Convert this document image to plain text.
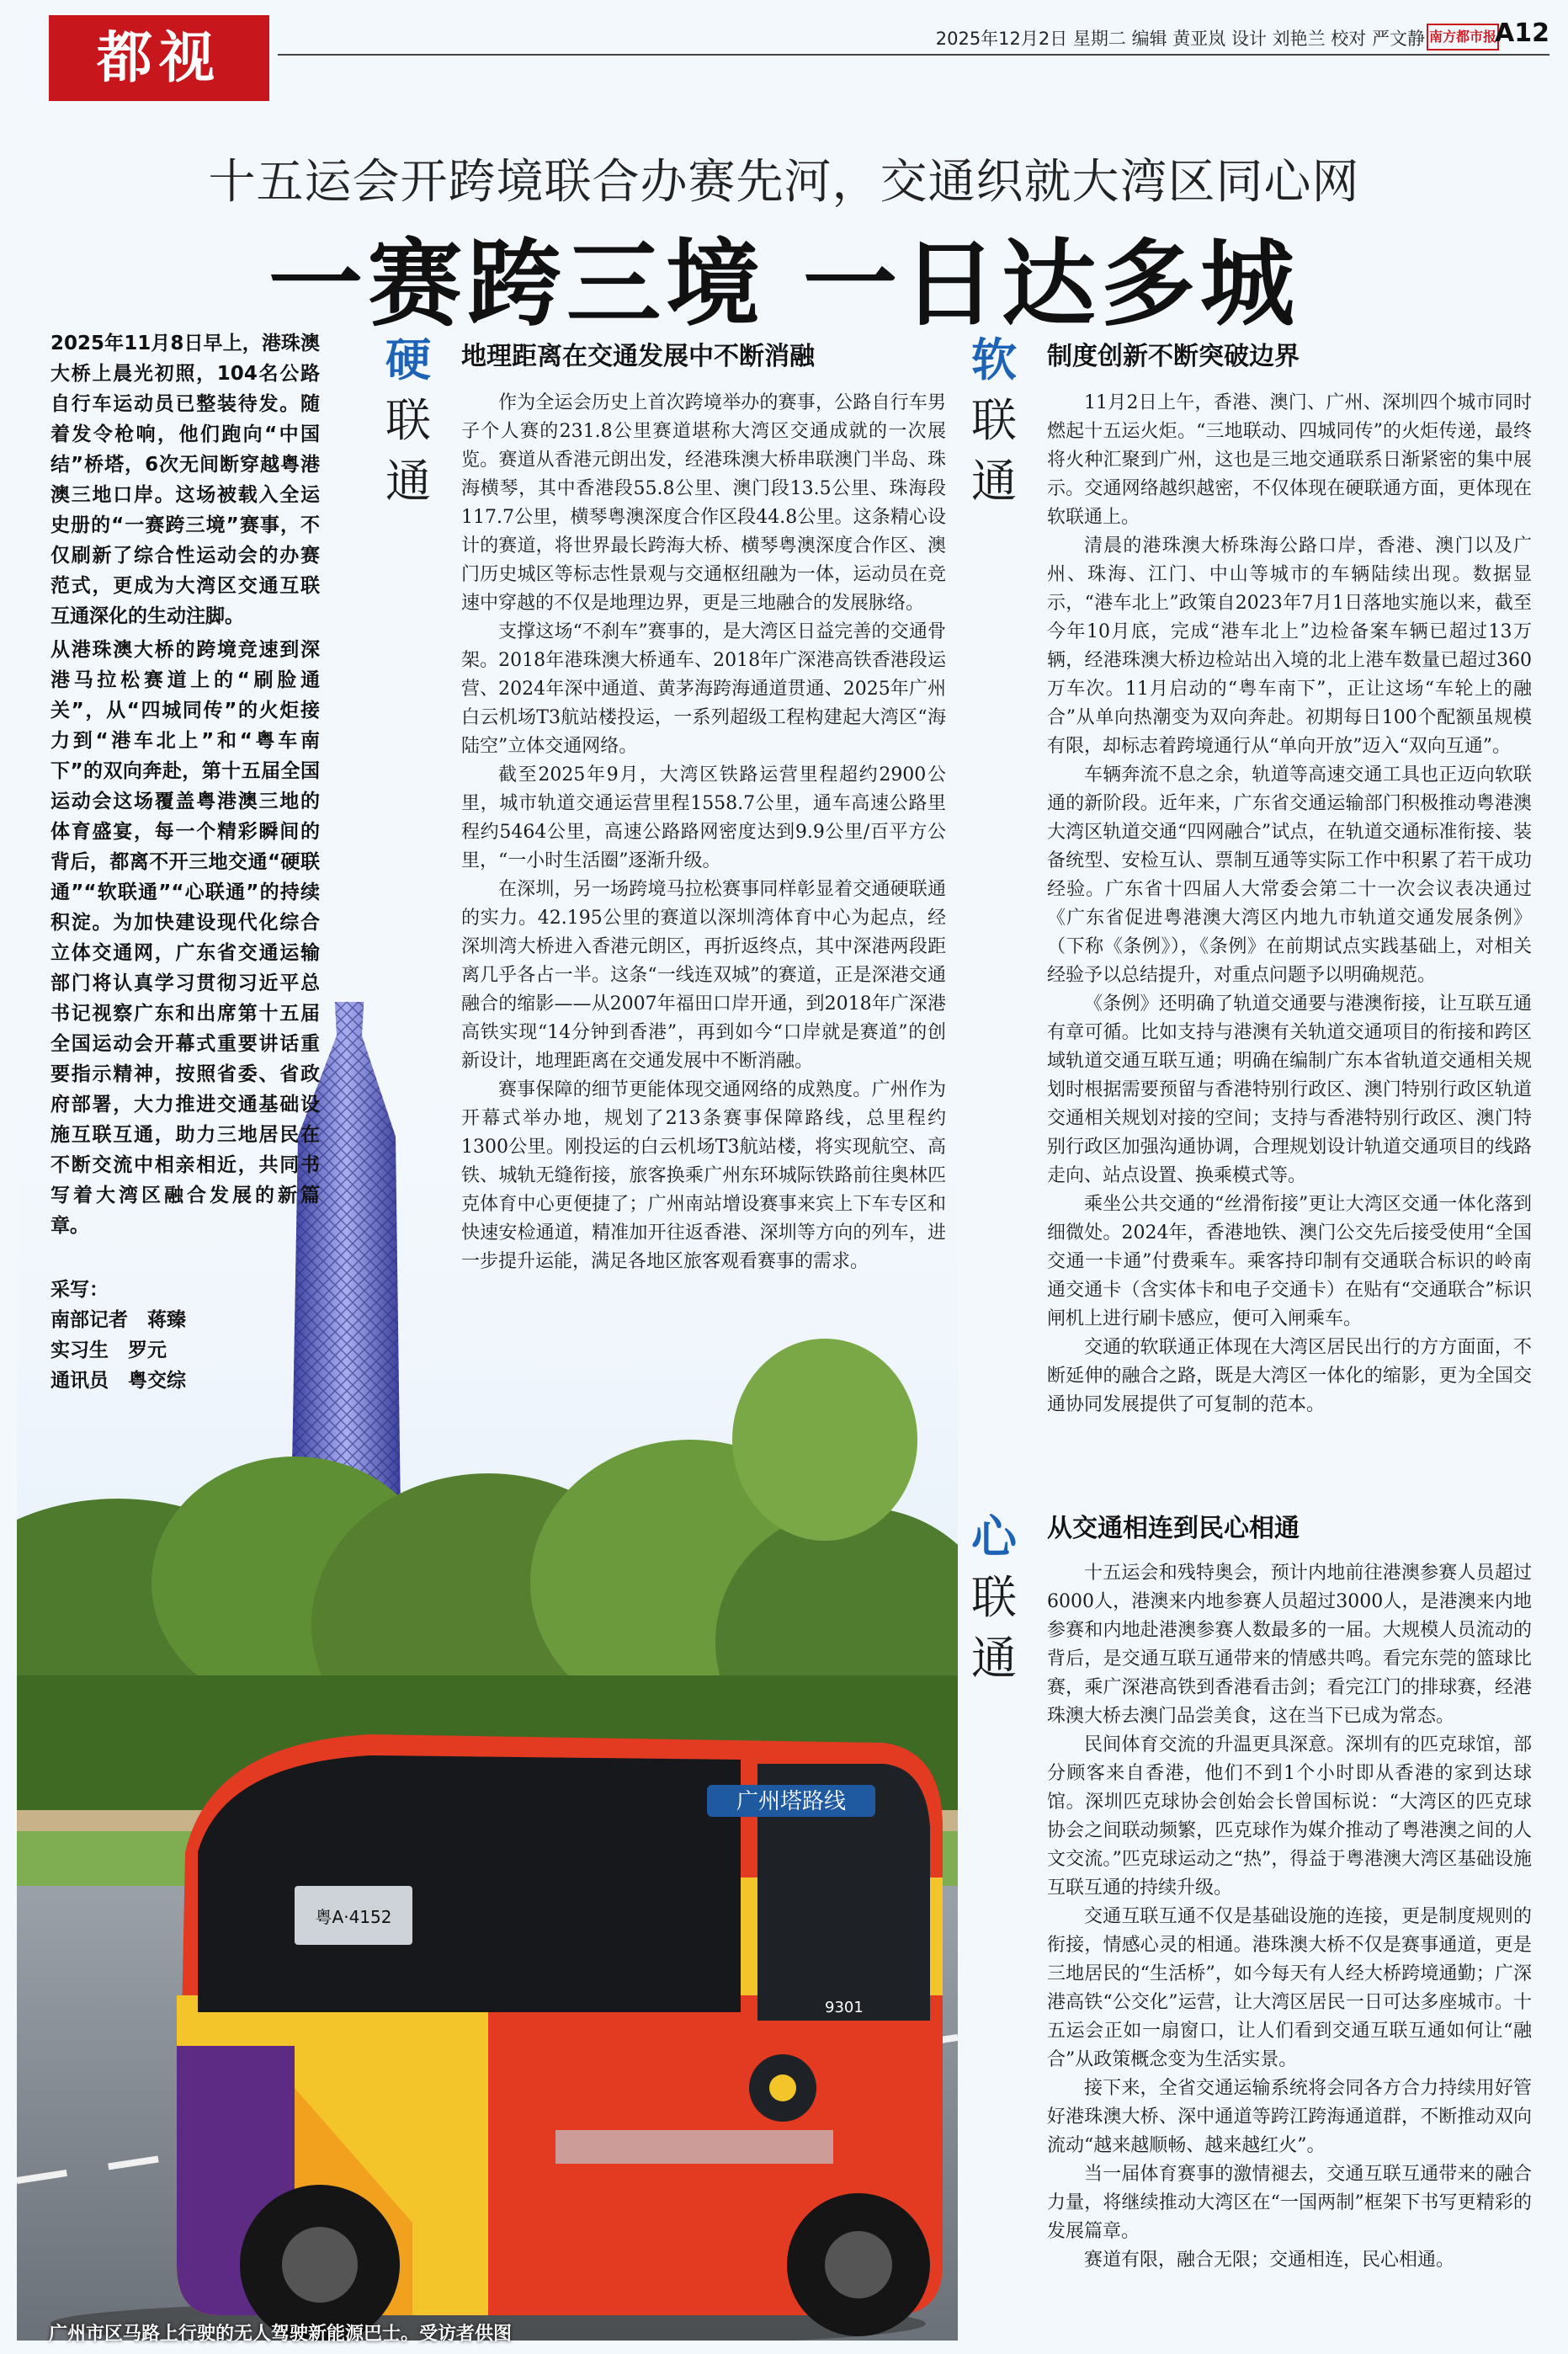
都视	2025年12月2日 星期二 编辑 黄亚岚 设计 刘艳兰 校对 严文静 南方都市报
A12
十五运会开跨境联合办赛先河，交通织就大湾区同心网
一赛跨三境 一日达多城
广州塔路线
粤A·4152
9301
广州市区马路上行驶的无人驾驶新能源巴士。受访者供图

2025年11月8日早上，港珠澳大桥上晨光初照，104名公路自行车运动员已整装待发。随着发令枪响，他们跑向“中国结”桥塔，6次无间断穿越粤港澳三地口岸。这场被载入全运史册的“一赛跨三境”赛事，不仅刷新了综合性运动会的办赛范式，更成为大湾区交通互联互通深化的生动注脚。

从港珠澳大桥的跨境竞速到深港马拉松赛道上的“刷脸通关”，从“四城同传”的火炬接力到“港车北上”和“粤车南下”的双向奔赴，第十五届全国运动会这场覆盖粤港澳三地的体育盛宴，每一个精彩瞬间的背后，都离不开三地交通“硬联通”“软联通”“心联通”的持续积淀。为加快建设现代化综合立体交通网，广东省交通运输部门将认真学习贯彻习近平总书记视察广东和出席第十五届全国运动会开幕式重要讲话重要指示精神，按照省委、省政府部署，大力推进交通基础设施互联互通，助力三地居民在不断交流中相亲相近，共同书写着大湾区融合发展的新篇章。

采写：
南部记者　蒋臻
实习生　罗元
通讯员　粤交综
硬
联
通
地理距离在交通发展中不断消融

作为全运会历史上首次跨境举办的赛事，公路自行车男子个人赛的231.8公里赛道堪称大湾区交通成就的一次展览。赛道从香港元朗出发，经港珠澳大桥串联澳门半岛、珠海横琴，其中香港段55.8公里、澳门段13.5公里、珠海段117.7公里，横琴粤澳深度合作区段44.8公里。这条精心设计的赛道，将世界最长跨海大桥、横琴粤澳深度合作区、澳门历史城区等标志性景观与交通枢纽融为一体，运动员在竞速中穿越的不仅是地理边界，更是三地融合的发展脉络。

支撑这场“不刹车”赛事的，是大湾区日益完善的交通骨架。2018年港珠澳大桥通车、2018年广深港高铁香港段运营、2024年深中通道、黄茅海跨海通道贯通、2025年广州白云机场T3航站楼投运，一系列超级工程构建起大湾区“海陆空”立体交通网络。

截至2025年9月，大湾区铁路运营里程超约2900公里，城市轨道交通运营里程1558.7公里，通车高速公路里程约5464公里，高速公路路网密度达到9.9公里/百平方公里，“一小时生活圈”逐渐升级。

在深圳，另一场跨境马拉松赛事同样彰显着交通硬联通的实力。42.195公里的赛道以深圳湾体育中心为起点，经深圳湾大桥进入香港元朗区，再折返终点，其中深港两段距离几乎各占一半。这条“一线连双城”的赛道，正是深港交通融合的缩影——从2007年福田口岸开通，到2018年广深港高铁实现“14分钟到香港”，再到如今“口岸就是赛道”的创新设计，地理距离在交通发展中不断消融。

赛事保障的细节更能体现交通网络的成熟度。广州作为开幕式举办地，规划了213条赛事保障路线，总里程约1300公里。刚投运的白云机场T3航站楼，将实现航空、高铁、城轨无缝衔接，旅客换乘广州东环城际铁路前往奥林匹克体育中心更便捷了；广州南站增设赛事来宾上下车专区和快速安检通道，精准加开往返香港、深圳等方向的列车，进一步提升运能，满足各地区旅客观看赛事的需求。

软
联
通
制度创新不断突破边界

11月2日上午，香港、澳门、广州、深圳四个城市同时燃起十五运火炬。“三地联动、四城同传”的火炬传递，最终将火种汇聚到广州，这也是三地交通联系日渐紧密的集中展示。交通网络越织越密，不仅体现在硬联通方面，更体现在软联通上。

清晨的港珠澳大桥珠海公路口岸，香港、澳门以及广州、珠海、江门、中山等城市的车辆陆续出现。数据显示，“港车北上”政策自2023年7月1日落地实施以来，截至今年10月底，完成“港车北上”边检备案车辆已超过13万辆，经港珠澳大桥边检站出入境的北上港车数量已超过360万车次。11月启动的“粤车南下”，正让这场“车轮上的融合”从单向热潮变为双向奔赴。初期每日100个配额虽规模有限，却标志着跨境通行从“单向开放”迈入“双向互通”。

车辆奔流不息之余，轨道等高速交通工具也正迈向软联通的新阶段。近年来，广东省交通运输部门积极推动粤港澳大湾区轨道交通“四网融合”试点，在轨道交通标准衔接、装备统型、安检互认、票制互通等实际工作中积累了若干成功经验。广东省十四届人大常委会第二十一次会议表决通过《广东省促进粤港澳大湾区内地九市轨道交通发展条例》（下称《条例》），《条例》在前期试点实践基础上，对相关经验予以总结提升，对重点问题予以明确规范。

《条例》还明确了轨道交通要与港澳衔接，让互联互通有章可循。比如支持与港澳有关轨道交通项目的衔接和跨区域轨道交通互联互通；明确在编制广东本省轨道交通相关规划时根据需要预留与香港特别行政区、澳门特别行政区轨道交通相关规划对接的空间；支持与香港特别行政区、澳门特别行政区加强沟通协调，合理规划设计轨道交通项目的线路走向、站点设置、换乘模式等。

乘坐公共交通的“丝滑衔接”更让大湾区交通一体化落到细微处。2024年，香港地铁、澳门公交先后接受使用“全国交通一卡通”付费乘车。乘客持印制有交通联合标识的岭南通交通卡（含实体卡和电子交通卡）在贴有“交通联合”标识闸机上进行刷卡感应，便可入闸乘车。

交通的软联通正体现在大湾区居民出行的方方面面，不断延伸的融合之路，既是大湾区一体化的缩影，更为全国交通协同发展提供了可复制的范本。

心
联
通
从交通相连到民心相通

十五运会和残特奥会，预计内地前往港澳参赛人员超过6000人，港澳来内地参赛人员超过3000人，是港澳来内地参赛和内地赴港澳参赛人数最多的一届。大规模人员流动的背后，是交通互联互通带来的情感共鸣。看完东莞的篮球比赛，乘广深港高铁到香港看击剑；看完江门的排球赛，经港珠澳大桥去澳门品尝美食，这在当下已成为常态。

民间体育交流的升温更具深意。深圳有的匹克球馆，部分顾客来自香港，他们不到1个小时即从香港的家到达球馆。深圳匹克球协会创始会长曾国标说：“大湾区的匹克球协会之间联动频繁，匹克球作为媒介推动了粤港澳之间的人文交流。”匹克球运动之“热”，得益于粤港澳大湾区基础设施互联互通的持续升级。

交通互联互通不仅是基础设施的连接，更是制度规则的衔接，情感心灵的相通。港珠澳大桥不仅是赛事通道，更是三地居民的“生活桥”，如今每天有人经大桥跨境通勤；广深港高铁“公交化”运营，让大湾区居民一日可达多座城市。十五运会正如一扇窗口，让人们看到交通互联互通如何让“融合”从政策概念变为生活实景。

接下来，全省交通运输系统将会同各方合力持续用好管好港珠澳大桥、深中通道等跨江跨海通道群，不断推动双向流动“越来越顺畅、越来越红火”。

当一届体育赛事的激情褪去，交通互联互通带来的融合力量，将继续推动大湾区在“一国两制”框架下书写更精彩的发展篇章。

赛道有限，融合无限；交通相连，民心相通。
